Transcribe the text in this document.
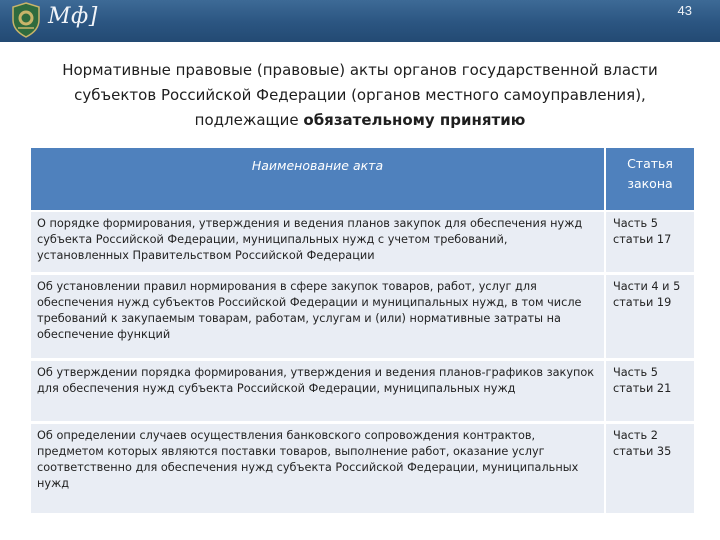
Мф]	43
Нормативные правовые (правовые) акты органов государственной власти
субъектов Российской Федерации (органов местного самоуправления),
подлежащие обязательному принятию
Наименование акта	Статья
закона

О порядке формирования, утверждения и ведения планов закупок для обеспечения нужд субъекта Российской Федерации, муниципальных нужд с учетом требований, установленных Правительством Российской Федерации	Часть 5
статьи 17

Об установлении правил нормирования в сфере закупок товаров, работ, услуг для обеспечения нужд субъектов Российской Федерации и муниципальных нужд, в том числе требований к закупаемым товарам, работам, услугам и (или) нормативные затраты на обеспечение функций	Части 4 и 5
статьи 19

Об утверждении порядка формирования, утверждения и ведения планов-графиков закупок для обеспечения нужд субъекта Российской Федерации, муниципальных нужд	Часть 5
статьи 21

Об определении случаев осуществления банковского сопровождения контрактов, предметом которых являются поставки товаров, выполнение работ, оказание услуг соответственно для обеспечения нужд субъекта Российской Федерации, муниципальных нужд	Часть 2
статьи 35
